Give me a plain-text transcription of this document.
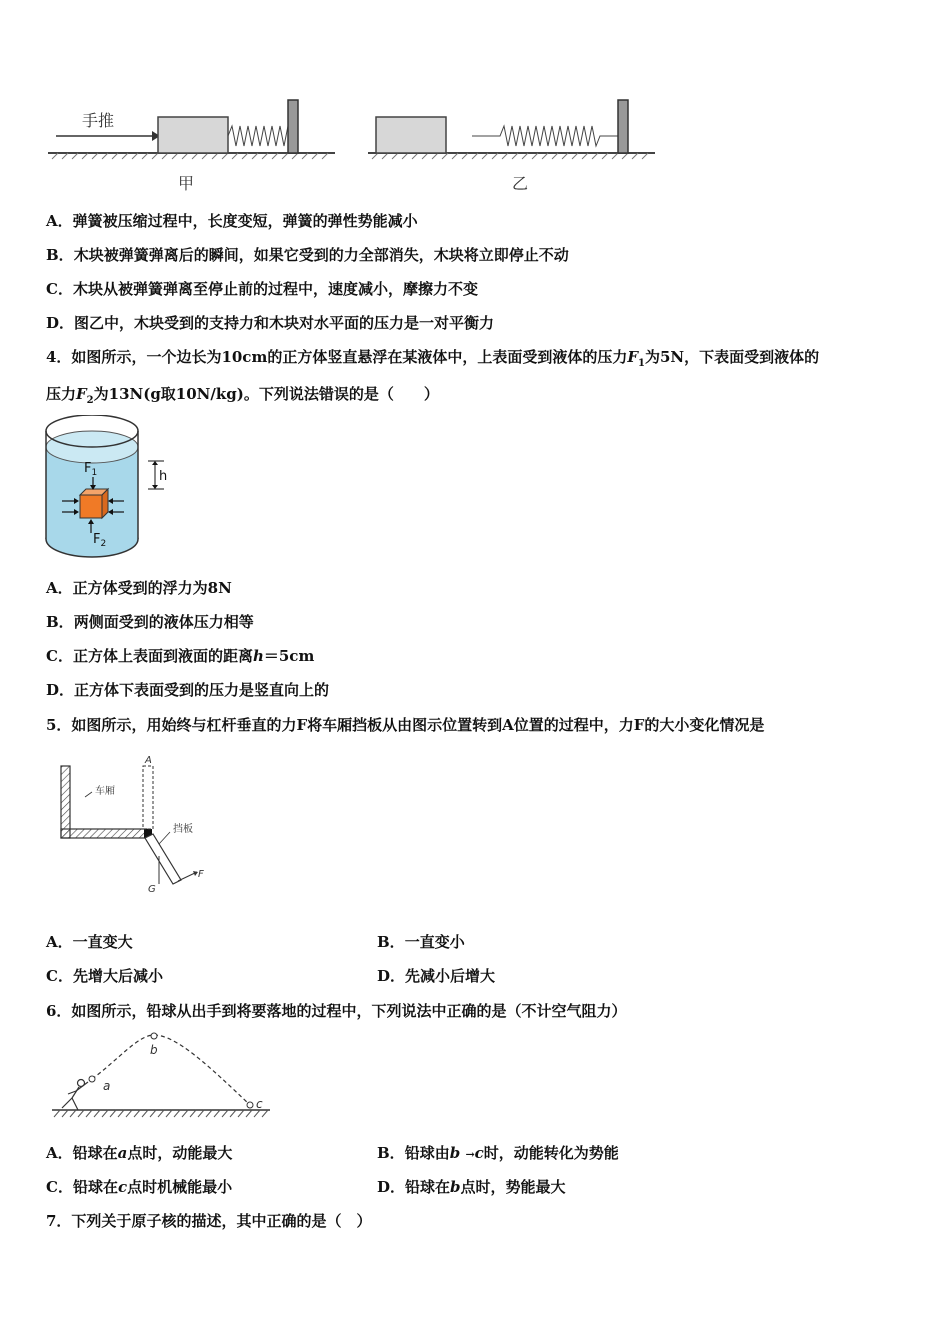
手推
甲	乙
A．弹簧被压缩过程中，长度变短，弹簧的弹性势能减小
B．木块被弹簧弹离后的瞬间，如果它受到的力全部消失，木块将立即停止不动
C．木块从被弹簧弹离至停止前的过程中，速度减小，摩擦力不变
D．图乙中，木块受到的支持力和木块对水平面的压力是一对平衡力
4．如图所示，一个边长为10cm的正方体竖直悬浮在某液体中，上表面受到液体的压力$F_1$为5N，下表面受到液体的
压力$F_2$为13N(g取10N/kg)。下列说法错误的是（　　）
$F_1$
$F_2$
h
A．正方体受到的浮力为8N
B．两侧面受到的液体压力相等
C．正方体上表面到液面的距离h＝5cm
D．正方体下表面受到的压力是竖直向上的
5．如图所示，用始终与杠杆垂直的力F将车厢挡板从由图示位置转到A位置的过程中，力F的大小变化情况是
车厢
A
挡板
G
F
A．一直变大	B．一直变小
C．先增大后减小	D．先减小后增大
6．如图所示，铅球从出手到将要落地的过程中，下列说法中正确的是（不计空气阻力）
a
b
c
A．铅球在a点时，动能最大	B．铅球由b →c时，动能转化为势能
C．铅球在c点时机械能最小	D．铅球在b点时，势能最大
7．下列关于原子核的描述，其中正确的是（　）
